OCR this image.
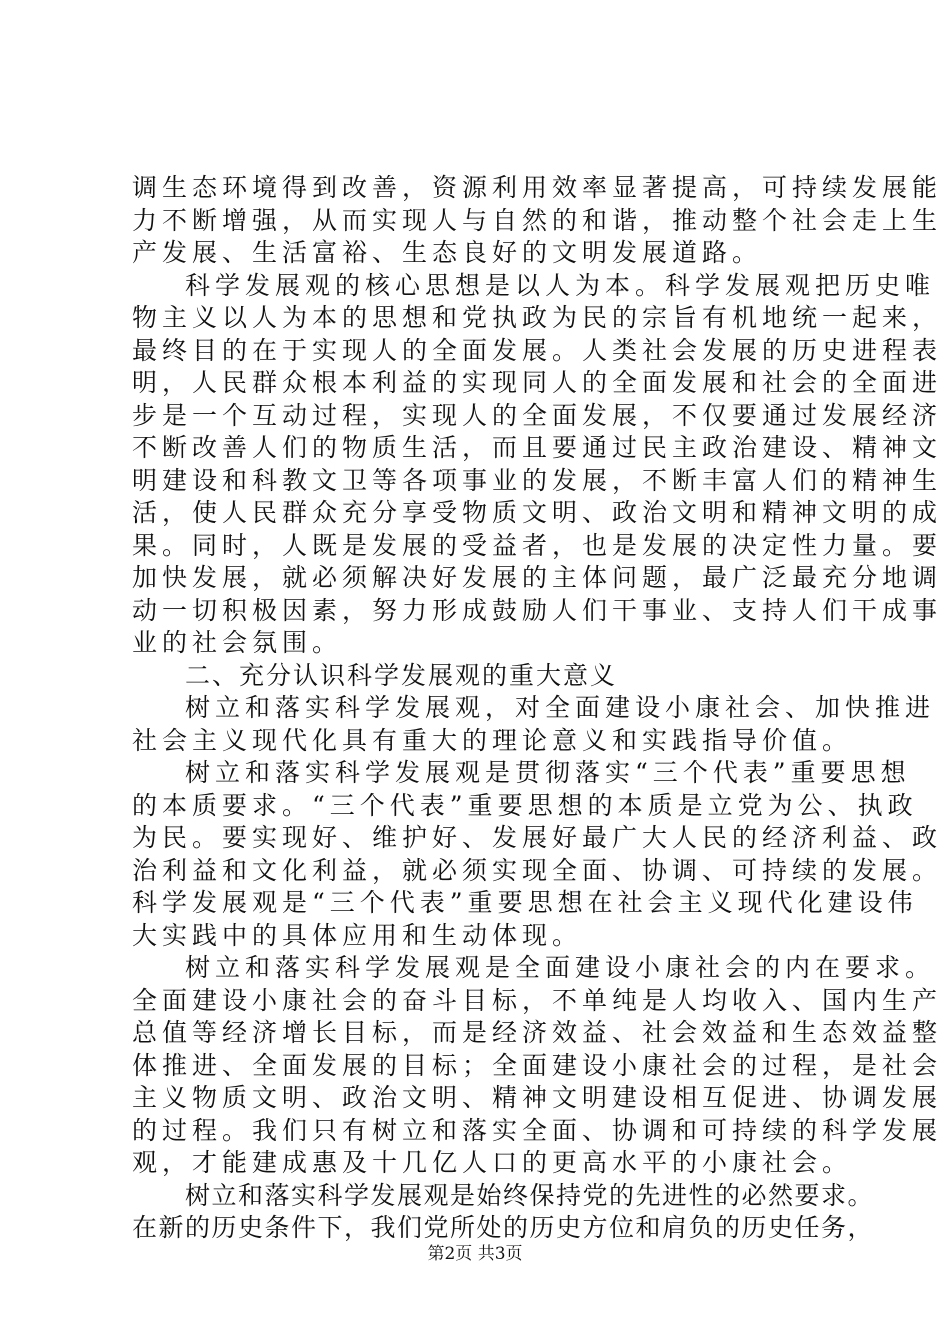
调生态环境得到改善，资源利用效率显著提高，可持续发展能
力不断增强，从而实现人与自然的和谐，推动整个社会走上生
产发展、生活富裕、生态良好的文明发展道路。
科学发展观的核心思想是以人为本。科学发展观把历史唯
物主义以人为本的思想和党执政为民的宗旨有机地统一起来，
最终目的在于实现人的全面发展。人类社会发展的历史进程表
明，人民群众根本利益的实现同人的全面发展和社会的全面进
步是一个互动过程，实现人的全面发展，不仅要通过发展经济
不断改善人们的物质生活，而且要通过民主政治建设、精神文
明建设和科教文卫等各项事业的发展，不断丰富人们的精神生
活，使人民群众充分享受物质文明、政治文明和精神文明的成
果。同时，人既是发展的受益者，也是发展的决定性力量。要
加快发展，就必须解决好发展的主体问题，最广泛最充分地调
动一切积极因素，努力形成鼓励人们干事业、支持人们干成事
业的社会氛围。
二、充分认识科学发展观的重大意义
树立和落实科学发展观，对全面建设小康社会、加快推进
社会主义现代化具有重大的理论意义和实践指导价值。
树立和落实科学发展观是贯彻落实“三个代表”重要思想
的本质要求。“三个代表”重要思想的本质是立党为公、执政
为民。要实现好、维护好、发展好最广大人民的经济利益、政
治利益和文化利益，就必须实现全面、协调、可持续的发展。
科学发展观是“三个代表”重要思想在社会主义现代化建设伟
大实践中的具体应用和生动体现。
树立和落实科学发展观是全面建设小康社会的内在要求。
全面建设小康社会的奋斗目标，不单纯是人均收入、国内生产
总值等经济增长目标，而是经济效益、社会效益和生态效益整
体推进、全面发展的目标；全面建设小康社会的过程，是社会
主义物质文明、政治文明、精神文明建设相互促进、协调发展
的过程。我们只有树立和落实全面、协调和可持续的科学发展
观，才能建成惠及十几亿人口的更高水平的小康社会。
树立和落实科学发展观是始终保持党的先进性的必然要求。
在新的历史条件下，我们党所处的历史方位和肩负的历史任务，
第2页 共3页
